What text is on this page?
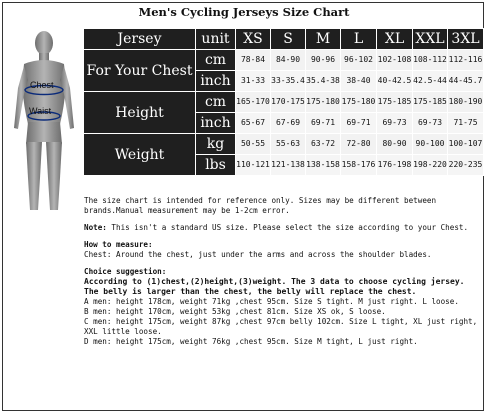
Men's Cycling Jerseys Size Chart
Chest
Waist
Jersey	unit	XS	S	M	L	XL	XXL	3XL
For Your Chest	cm	78-84	84-90	90-96	96-102	102-108	108-112	112-116
	inch	31-33	33-35.4	35.4-38	38-40	40-42.5	42.5-44	44-45.7
Height	cm	165-170	170-175	175-180	175-180	175-185	175-185	180-190
	inch	65-67	67-69	69-71	69-71	69-73	69-73	71-75
Weight	kg	50-55	55-63	63-72	72-80	80-90	90-100	100-107
	lbs	110-121	121-138	138-158	158-176	176-198	198-220	220-235

The size chart is intended for reference only. Sizes may be different between brands.Manual measurement may be 1-2cm error.

Note: This isn't a standard US size. Please select the size according to your Chest.

How to measure:

Chest: Around the chest, just under the arms and across the shoulder blades.

Choice suggestion:

According to (1)chest,(2)height,(3)weight. The 3 data to choose cycling jersey.

The belly is larger than the chest, the belly will replace the chest.

A men: height 178cm, weight 71kg ,chest 95cm. Size S tight. M just right. L loose.

B men: height 170cm, weight 53kg ,chest 81cm. Size XS ok, S loose.

C men: height 175cm, weight 87kg ,chest 97cm belly 102cm. Size L tight, XL just right, XXL little loose.

D men: height 175cm, weight 76kg ,chest 95cm. Size M tight, L just right.
